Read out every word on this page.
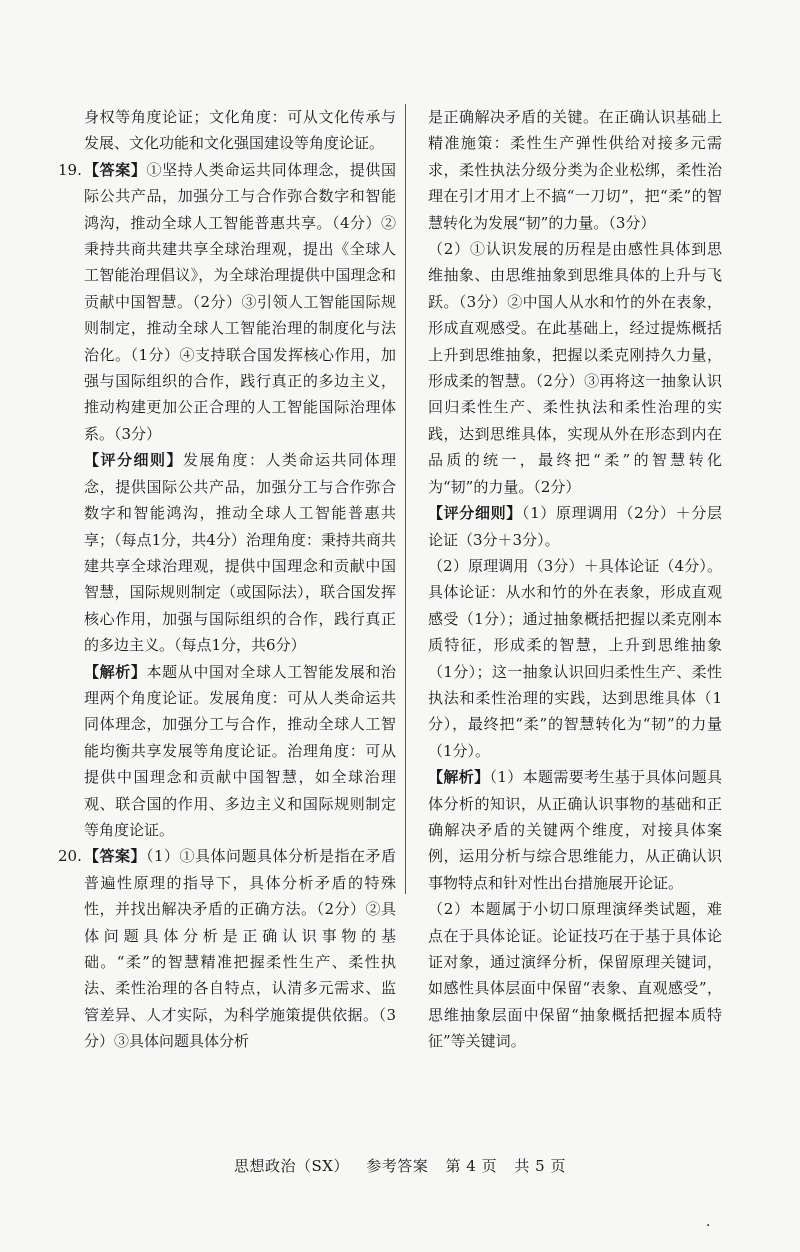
身权等角度论证；文化角度：可从文化传承与发展、文化功能和文化强国建设等角度论证。

19. 【答案】①坚持人类命运共同体理念，提供国际公共产品，加强分工与合作弥合数字和智能鸿沟，推动全球人工智能普惠共享。（4分）②秉持共商共建共享全球治理观，提出《全球人工智能治理倡议》，为全球治理提供中国理念和贡献中国智慧。（2分）③引领人工智能国际规则制定，推动全球人工智能治理的制度化与法治化。（1分）④支持联合国发挥核心作用，加强与国际组织的合作，践行真正的多边主义，推动构建更加公正合理的人工智能国际治理体系。（3分）

【评分细则】发展角度：人类命运共同体理念，提供国际公共产品，加强分工与合作弥合数字和智能鸿沟，推动全球人工智能普惠共享；（每点1分，共4分）治理角度：秉持共商共建共享全球治理观，提供中国理念和贡献中国智慧，国际规则制定（或国际法），联合国发挥核心作用，加强与国际组织的合作，践行真正的多边主义。（每点1分，共6分）

【解析】本题从中国对全球人工智能发展和治理两个角度论证。发展角度：可从人类命运共同体理念，加强分工与合作，推动全球人工智能均衡共享发展等角度论证。治理角度：可从提供中国理念和贡献中国智慧，如全球治理观、联合国的作用、多边主义和国际规则制定等角度论证。

20. 【答案】（1）①具体问题具体分析是指在矛盾普遍性原理的指导下，具体分析矛盾的特殊性，并找出解决矛盾的正确方法。（2分）②具体问题具体分析是正确认识事物的基础。“柔”的智慧精准把握柔性生产、柔性执法、柔性治理的各自特点，认清多元需求、监管差异、人才实际，为科学施策提供依据。（3分）③具体问题具体分析

是正确解决矛盾的关键。在正确认识基础上精准施策：柔性生产弹性供给对接多元需求，柔性执法分级分类为企业松绑，柔性治理在引才用才上不搞“一刀切”，把“柔”的智慧转化为发展“韧”的力量。（3分）

（2）①认识发展的历程是由感性具体到思维抽象、由思维抽象到思维具体的上升与飞跃。（3分）②中国人从水和竹的外在表象，形成直观感受。在此基础上，经过提炼概括上升到思维抽象，把握以柔克刚持久力量，形成柔的智慧。（2分）③再将这一抽象认识回归柔性生产、柔性执法和柔性治理的实践，达到思维具体，实现从外在形态到内在品质的统一，最终把“柔”的智慧转化为“韧”的力量。（2分）

【评分细则】（1）原理调用（2分）＋分层论证（3分＋3分）。

（2）原理调用（3分）＋具体论证（4分）。具体论证：从水和竹的外在表象，形成直观感受（1分）；通过抽象概括把握以柔克刚本质特征，形成柔的智慧，上升到思维抽象（1分）；这一抽象认识回归柔性生产、柔性执法和柔性治理的实践，达到思维具体（1分），最终把“柔”的智慧转化为“韧”的力量（1分）。

【解析】（1）本题需要考生基于具体问题具体分析的知识，从正确认识事物的基础和正确解决矛盾的关键两个维度，对接具体案例，运用分析与综合思维能力，从正确认识事物特点和针对性出台措施展开论证。

（2）本题属于小切口原理演绎类试题，难点在于具体论证。论证技巧在于基于具体论证对象，通过演绎分析，保留原理关键词，如感性具体层面中保留“表象、直观感受”，思维抽象层面中保留“抽象概括把握本质特征”等关键词。

思想政治（SX） 参考答案 第 4 页 共 5 页
·
